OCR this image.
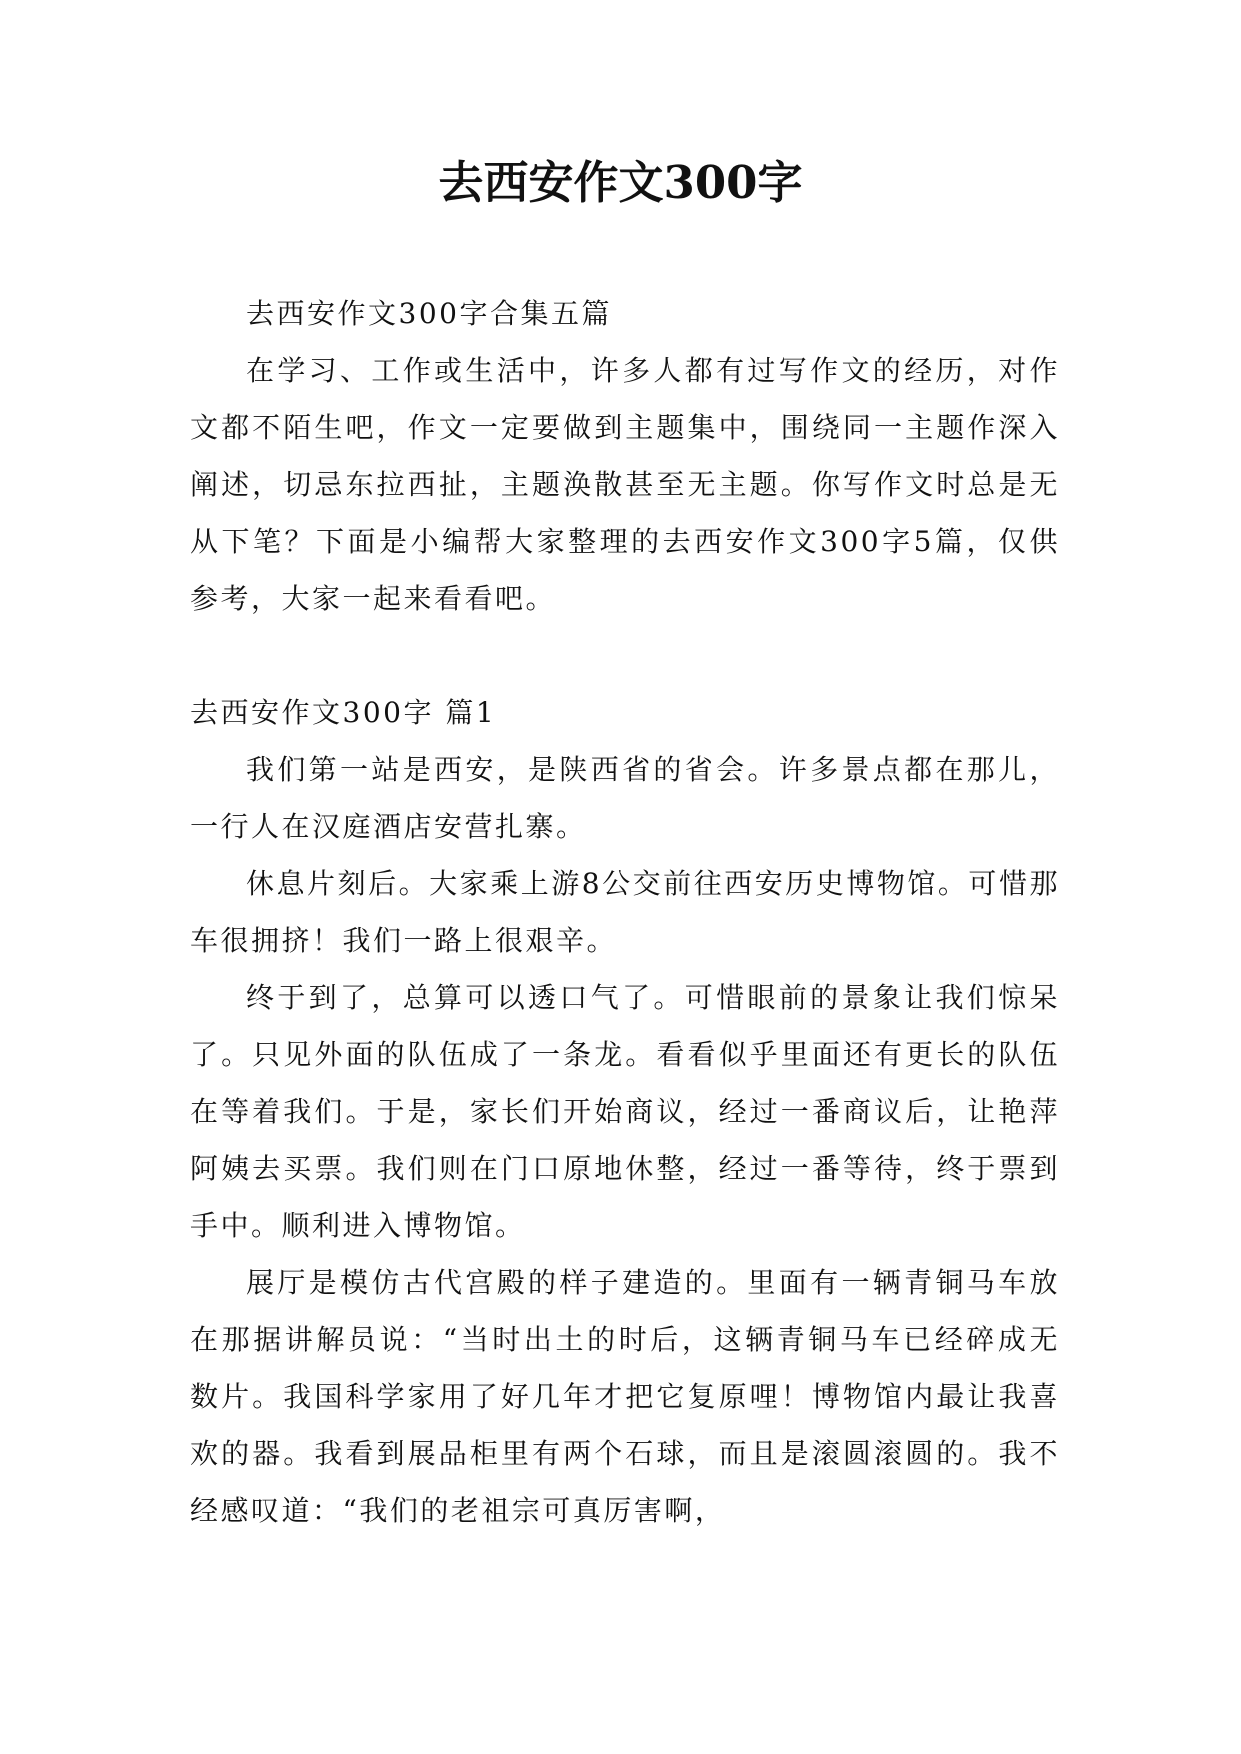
去西安作文300字

去西安作文300字合集五篇

在学习、工作或生活中，许多人都有过写作文的经历，对作文都不陌生吧，作文一定要做到主题集中，围绕同一主题作深入阐述，切忌东拉西扯，主题涣散甚至无主题。你写作文时总是无从下笔？下面是小编帮大家整理的去西安作文300字5篇，仅供参考，大家一起来看看吧。

去西安作文300字 篇1

我们第一站是西安，是陕西省的省会。许多景点都在那儿，一行人在汉庭酒店安营扎寨。

休息片刻后。大家乘上游8公交前往西安历史博物馆。可惜那车很拥挤！我们一路上很艰辛。

终于到了，总算可以透口气了。可惜眼前的景象让我们惊呆了。只见外面的队伍成了一条龙。看看似乎里面还有更长的队伍在等着我们。于是，家长们开始商议，经过一番商议后，让艳萍阿姨去买票。我们则在门口原地休整，经过一番等待，终于票到手中。顺利进入博物馆。

展厅是模仿古代宫殿的样子建造的。里面有一辆青铜马车放在那据讲解员说：“当时出土的时后，这辆青铜马车已经碎成无数片。我国科学家用了好几年才把它复原哩！博物馆内最让我喜欢的器。我看到展品柜里有两个石球，而且是滚圆滚圆的。我不经感叹道：“我们的老祖宗可真厉害啊，
